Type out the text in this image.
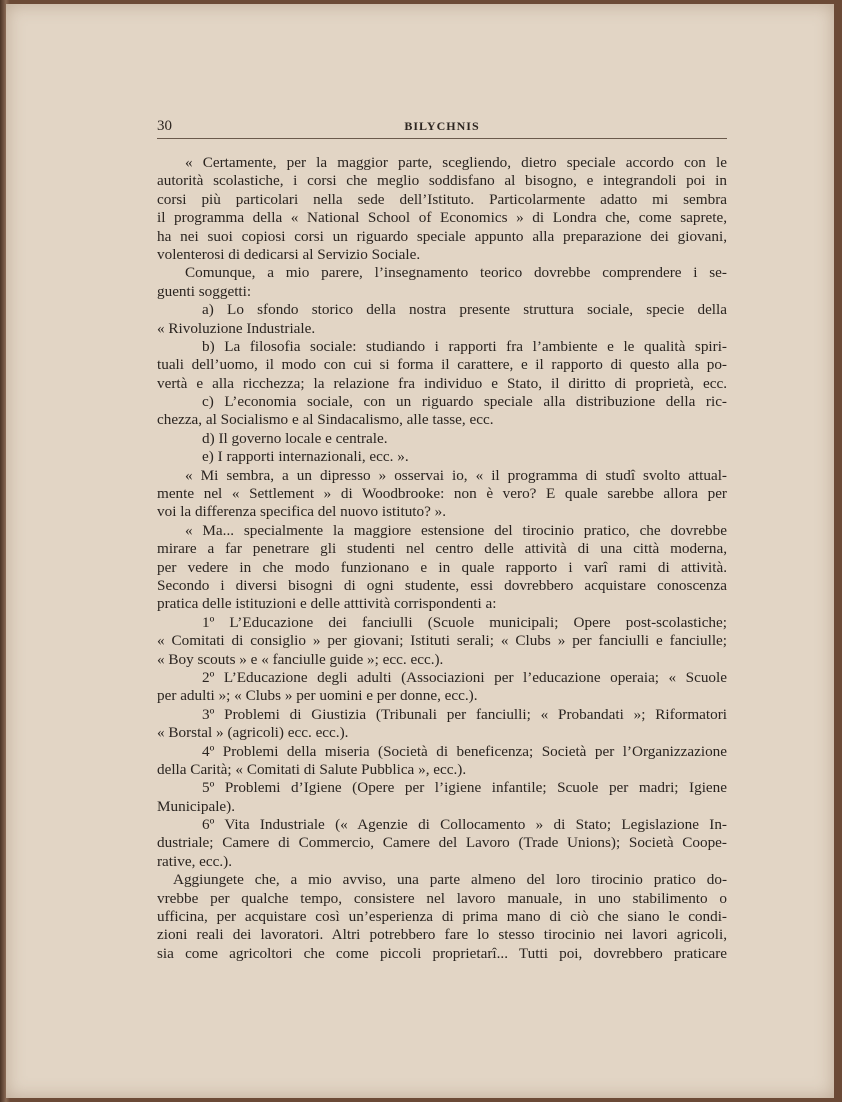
30	BILYCHNIS
« Certamente, per la maggior parte, scegliendo, dietro speciale accordo con le
autorità scolastiche, i corsi che meglio soddisfano al bisogno, e integrandoli poi in
corsi più particolari nella sede dell’Istituto. Particolarmente adatto mi sembra
il programma della « National School of Economics » di Londra che, come saprete,
ha nei suoi copiosi corsi un riguardo speciale appunto alla preparazione dei giovani,
volenterosi di dedicarsi al Servizio Sociale.
Comunque, a mio parere, l’insegnamento teorico dovrebbe comprendere i se-
guenti soggetti:
a) Lo sfondo storico della nostra presente struttura sociale, specie della
« Rivoluzione Industriale.
b) La filosofia sociale: studiando i rapporti fra l’ambiente e le qualità spiri-
tuali dell’uomo, il modo con cui si forma il carattere, e il rapporto di questo alla po-
vertà e alla ricchezza; la relazione fra individuo e Stato, il diritto di proprietà, ecc.
c) L’economia sociale, con un riguardo speciale alla distribuzione della ric-
chezza, al Socialismo e al Sindacalismo, alle tasse, ecc.
d) Il governo locale e centrale.
e) I rapporti internazionali, ecc. ».
« Mi sembra, a un dipresso » osservai io, « il programma di studî svolto attual-
mente nel « Settlement » di Woodbrooke: non è vero? E quale sarebbe allora per
voi la differenza specifica del nuovo istituto? ».
« Ma... specialmente la maggiore estensione del tirocinio pratico, che dovrebbe
mirare a far penetrare gli studenti nel centro delle attività di una città moderna,
per vedere in che modo funzionano e in quale rapporto i varî rami di attività.
Secondo i diversi bisogni di ogni studente, essi dovrebbero acquistare conoscenza
pratica delle istituzioni e delle atttività corrispondenti a:
1º L’Educazione dei fanciulli (Scuole municipali; Opere post-scolastiche;
« Comitati di consiglio » per giovani; Istituti serali; « Clubs » per fanciulli e fanciulle;
« Boy scouts » e « fanciulle guide »; ecc. ecc.).
2º L’Educazione degli adulti (Associazioni per l’educazione operaia; « Scuole
per adulti »; « Clubs » per uomini e per donne, ecc.).
3º Problemi di Giustizia (Tribunali per fanciulli; « Probandati »; Riformatori
« Borstal » (agricoli) ecc. ecc.).
4º Problemi della miseria (Società di beneficenza; Società per l’Organizzazione
della Carità; « Comitati di Salute Pubblica », ecc.).
5º Problemi d’Igiene (Opere per l’igiene infantile; Scuole per madri; Igiene
Municipale).
6º Vita Industriale (« Agenzie di Collocamento » di Stato; Legislazione In-
dustriale; Camere di Commercio, Camere del Lavoro (Trade Unions); Società Coope-
rative, ecc.).
Aggiungete che, a mio avviso, una parte almeno del loro tirocinio pratico do-
vrebbe per qualche tempo, consistere nel lavoro manuale, in uno stabilimento o
ufficina, per acquistare così un’esperienza di prima mano di ciò che siano le condi-
zioni reali dei lavoratori. Altri potrebbero fare lo stesso tirocinio nei lavori agricoli,
sia come agricoltori che come piccoli proprietarî... Tutti poi, dovrebbero praticare
